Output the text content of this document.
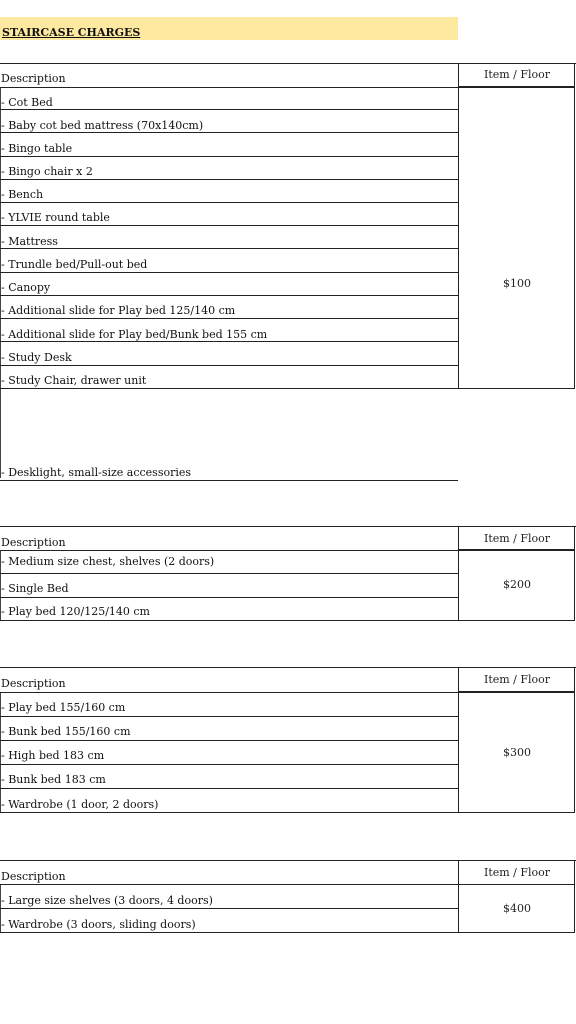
STAIRCASE CHARGES
Item / Floor
Description
$100
- Cot Bed
- Baby cot bed mattress (70x140cm)
- Bingo table
- Bingo chair x 2
- Bench
- YLVIE round table
- Mattress
- Trundle bed/Pull-out bed
- Canopy
- Additional slide for Play bed 125/140 cm
- Additional slide for Play bed/Bunk bed 155 cm
- Study Desk
- Study Chair, drawer unit
- Desklight, small-size accessories
Item / Floor
Description
$200
- Medium size chest, shelves (2 doors)
- Single Bed
- Play bed 120/125/140 cm
Item / Floor
Description
$300
- Play bed 155/160 cm
- Bunk bed 155/160 cm
- High bed 183 cm
- Bunk bed 183 cm
- Wardrobe (1 door, 2 doors)
Item / Floor
Description
$400
- Large size shelves (3 doors, 4 doors)
- Wardrobe (3 doors, sliding doors)
